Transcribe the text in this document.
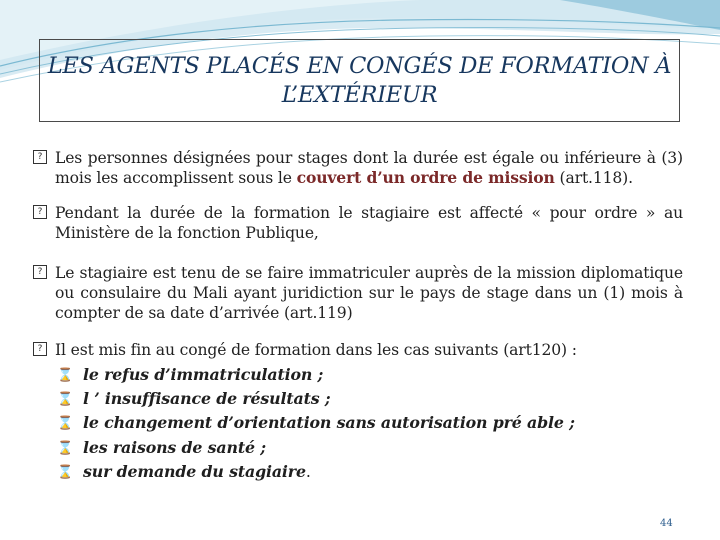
LES AGENTS PLACÉS EN CONGÉS DE FORMATION À L’EXTÉRIEUR
? Les personnes désignées pour stages dont la durée est égale ou inférieure à (3) mois les accomplissent sous le couvert d’un ordre de mission (art.118).
? Pendant la durée de la formation le stagiaire est affecté « pour ordre » au Ministère de la fonction Publique,
? Le stagiaire est tenu de se faire immatriculer auprès de la mission diplomatique ou consulaire du Mali ayant juridiction sur le pays de stage dans un (1) mois à compter de sa date d’arrivée (art.119)
? Il est mis fin au congé de formation dans les cas suivants (art120) :
⌛ le refus d’immatriculation ;
⌛ l ’ insuffisance de résultats ;
⌛ le changement d’orientation sans autorisation pré able ;
⌛ les raisons de santé ;
⌛ sur demande du stagiaire.
44
